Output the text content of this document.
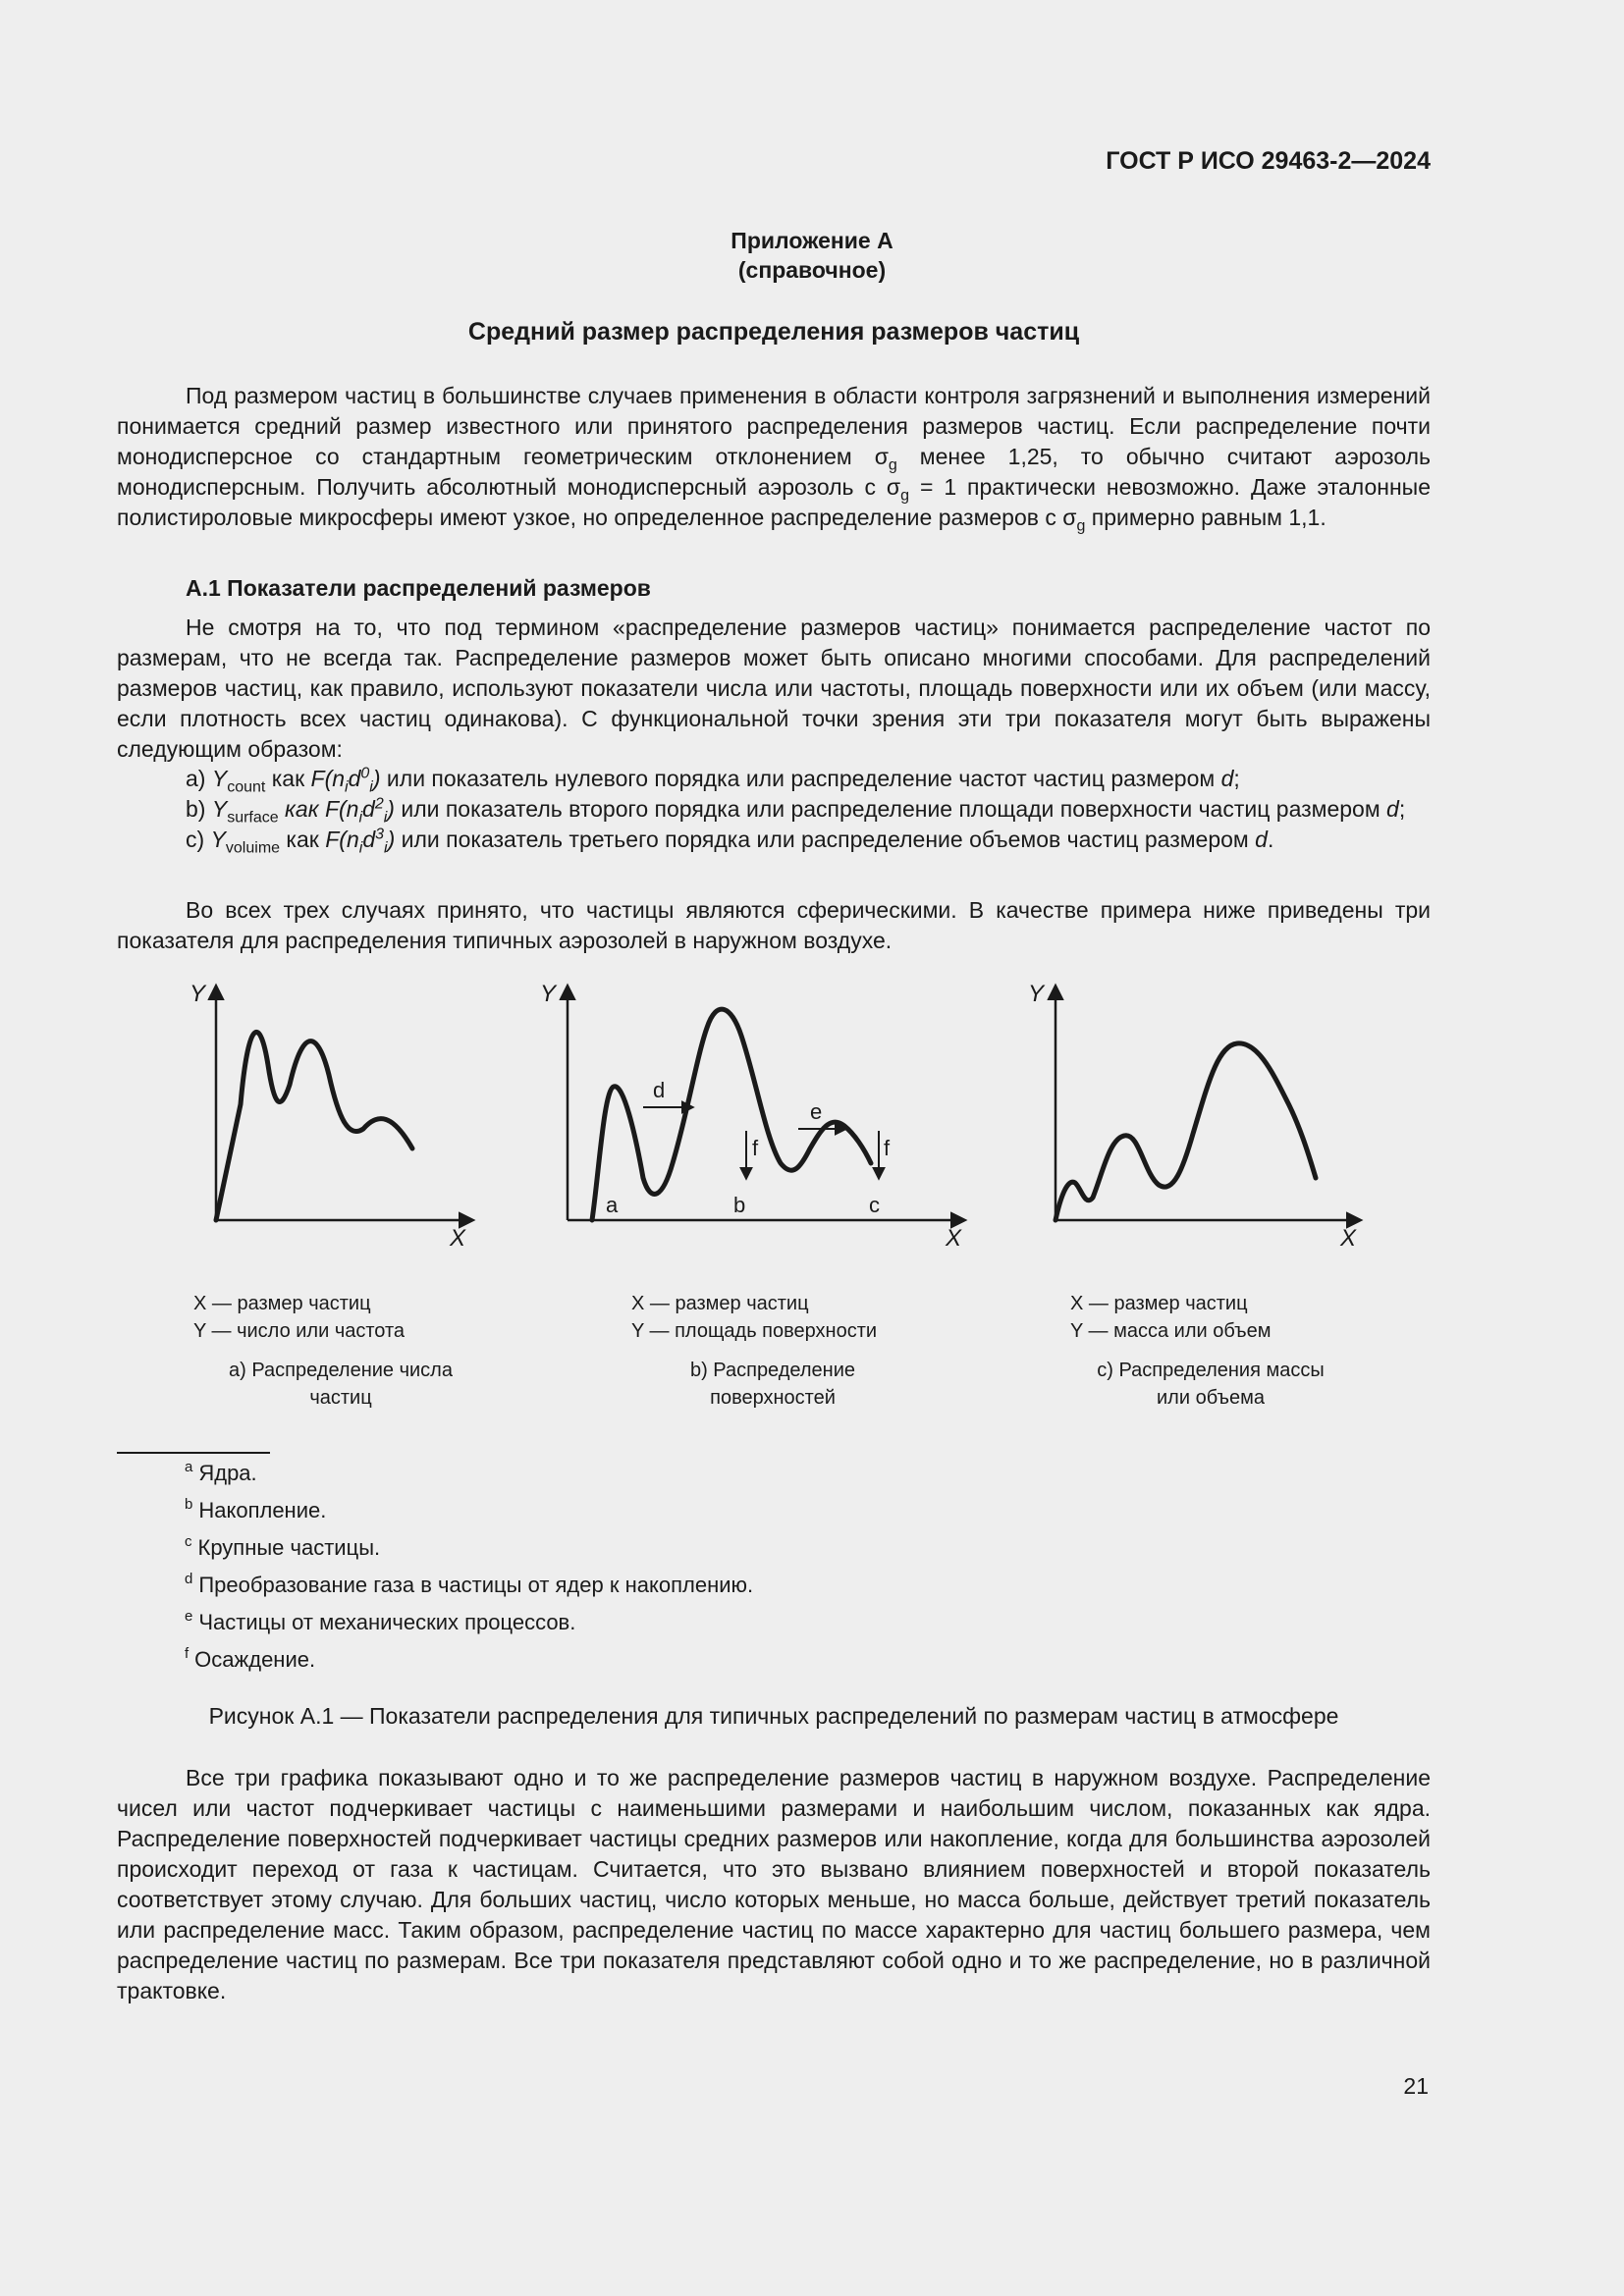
ГОСТ Р ИСО 29463-2—2024
Приложение А
(справочное)
Средний размер распределения размеров частиц
Под размером частиц в большинстве случаев применения в области контроля загрязнений и выполнения измерений понимается средний размер известного или принятого распределения размеров частиц. Если распределение почти монодисперсное со стандартным геометрическим отклонением $\sigma_g$ менее 1,25, то обычно считают аэрозоль монодисперсным. Получить абсолютный монодисперсный аэрозоль с $\sigma_g = 1$ практически невозможно. Даже эталонные полистироловые микросферы имеют узкое, но определенное распределение размеров с $\sigma_g$ примерно равным 1,1.
А.1 Показатели распределений размеров
Не смотря на то, что под термином «распределение размеров частиц» понимается распределение частот по размерам, что не всегда так. Распределение размеров может быть описано многими способами. Для распределений размеров частиц, как правило, используют показатели числа или частоты, площадь поверхности или их объем (или массу, если плотность всех частиц одинакова). С функциональной точки зрения эти три показателя могут быть выражены следующим образом:
a) $Y_{count}$ как $F(n_id^0_i)$ или показатель нулевого порядка или распределение частот частиц размером d;
b) $Y_{surface}$ как $F(n_id^2_i)$ или показатель второго порядка или распределение площади поверхности частиц размером d;
c) $Y_{voluime}$ как $F(n_id^3_i)$ или показатель третьего порядка или распределение объемов частиц размером d.
Во всех трех случаях принято, что частицы являются сферическими. В качестве примера ниже приведены три показателя для распределения типичных аэрозолей в наружном воздухе.
Y
X
Y
X
d
e
f	f
a	b	c
Y
X
X — размер частиц
Y — число или частота
a) Распределение числа
частиц
X — размер частиц
Y — площадь поверхности
b) Распределение
поверхностей
X — размер частиц
Y — масса или объем
c) Распределения массы
или объема
$^a$ Ядра.
$^b$ Накопление.
$^c$ Крупные частицы.
$^d$ Преобразование газа в частицы от ядер к накоплению.
$^e$ Частицы от механических процессов.
$^f$ Осаждение.
Рисунок А.1 — Показатели распределения для типичных распределений по размерам частиц в атмосфере
Все три графика показывают одно и то же распределение размеров частиц в наружном воздухе. Распределение чисел или частот подчеркивает частицы с наименьшими размерами и наибольшим числом, показанных как ядра. Распределение поверхностей подчеркивает частицы средних размеров или накопление, когда для большинства аэрозолей происходит переход от газа к частицам. Считается, что это вызвано влиянием поверхностей и второй показатель соответствует этому случаю. Для больших частиц, число которых меньше, но масса больше, действует третий показатель или распределение масс. Таким образом, распределение частиц по массе характерно для частиц большего размера, чем распределение частиц по размерам. Все три показателя представляют собой одно и то же распределение, но в различной трактовке.
21
